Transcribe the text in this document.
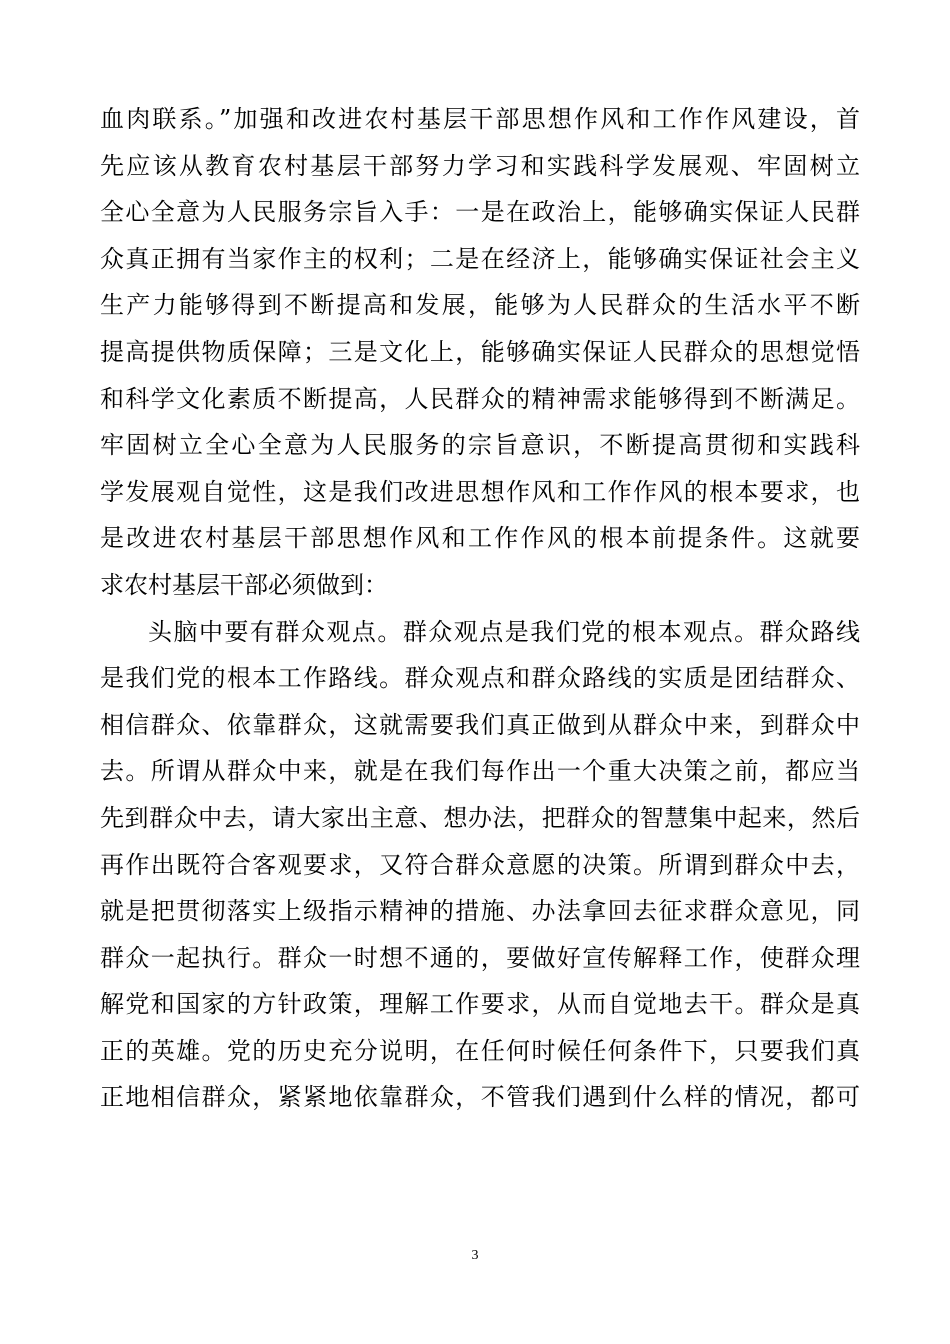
血肉联系。”加强和改进农村基层干部思想作风和工作作风建设，首
先应该从教育农村基层干部努力学习和实践科学发展观、牢固树立
全心全意为人民服务宗旨入手：一是在政治上，能够确实保证人民群
众真正拥有当家作主的权利；二是在经济上，能够确实保证社会主义
生产力能够得到不断提高和发展，能够为人民群众的生活水平不断
提高提供物质保障；三是文化上，能够确实保证人民群众的思想觉悟
和科学文化素质不断提高，人民群众的精神需求能够得到不断满足。
牢固树立全心全意为人民服务的宗旨意识，不断提高贯彻和实践科
学发展观自觉性，这是我们改进思想作风和工作作风的根本要求，也
是改进农村基层干部思想作风和工作作风的根本前提条件。这就要
求农村基层干部必须做到：
头脑中要有群众观点。群众观点是我们党的根本观点。群众路线
是我们党的根本工作路线。群众观点和群众路线的实质是团结群众、
相信群众、依靠群众，这就需要我们真正做到从群众中来，到群众中
去。所谓从群众中来，就是在我们每作出一个重大决策之前，都应当
先到群众中去，请大家出主意、想办法，把群众的智慧集中起来，然后
再作出既符合客观要求，又符合群众意愿的决策。所谓到群众中去，
就是把贯彻落实上级指示精神的措施、办法拿回去征求群众意见，同
群众一起执行。群众一时想不通的，要做好宣传解释工作，使群众理
解党和国家的方针政策，理解工作要求，从而自觉地去干。群众是真
正的英雄。党的历史充分说明，在任何时候任何条件下，只要我们真
正地相信群众，紧紧地依靠群众，不管我们遇到什么样的情况，都可
3
